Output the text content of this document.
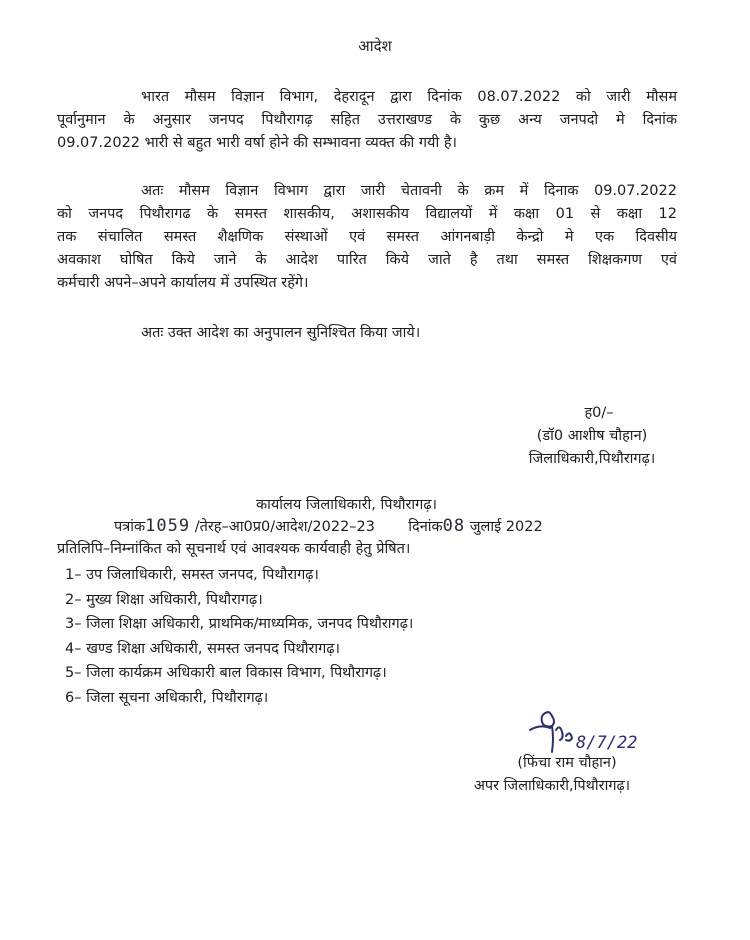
आदेश
भारत मौसम विज्ञान विभाग, देहरादून द्वारा दिनांक 08.07.2022 को जारी मौसम
पूर्वानुमान के अनुसार जनपद पिथौरागढ़ सहित उत्तराखण्ड के कुछ अन्य जनपदो मे दिनांक
09.07.2022 भारी से बहुत भारी वर्षा होने की सम्भावना व्यक्त की गयी है।
अतः मौसम विज्ञान विभाग द्वारा जारी चेतावनी के क्रम में दिनाक 09.07.2022
को जनपद पिथौरागढ के समस्त शासकीय, अशासकीय विद्यालयों में कक्षा 01 से कक्षा 12
तक संचालित समस्त शैक्षणिक संस्थाओं एवं समस्त आंगनबाड़ी केन्द्रो मे एक दिवसीय
अवकाश घोषित किये जाने के आदेश पारित किये जाते है तथा समस्त शिक्षकगण एवं
कर्मचारी अपने–अपने कार्यालय में उपस्थित रहेंगे।
अतः उक्त आदेश का अनुपालन सुनिश्चित किया जाये।
ह0/–
(डॉ0 आशीष चौहान)
जिलाधिकारी,पिथौरागढ़।
कार्यालय जिलाधिकारी, पिथौरागढ़।
पत्रांक1059 /तेरह–आ0प्र0/आदेश/2022–23 दिनांक08 जुलाई 2022
प्रतिलिपि–निम्नांकित को सूचनार्थ एवं आवश्यक कार्यवाही हेतु प्रेषित।
1– उप जिलाधिकारी, समस्त जनपद, पिथौरागढ़।
2– मुख्य शिक्षा अधिकारी, पिथौरागढ़।
3– जिला शिक्षा अधिकारी, प्राथमिक/माध्यमिक, जनपद पिथौरागढ़।
4– खण्ड शिक्षा अधिकारी, समस्त जनपद पिथौरागढ़।
5– जिला कार्यक्रम अधिकारी बाल विकास विभाग, पिथौरागढ़।
6– जिला सूचना अधिकारी, पिथौरागढ़।
8/7/22
(फिंचा राम चौहान)
अपर जिलाधिकारी,पिथौरागढ़।
